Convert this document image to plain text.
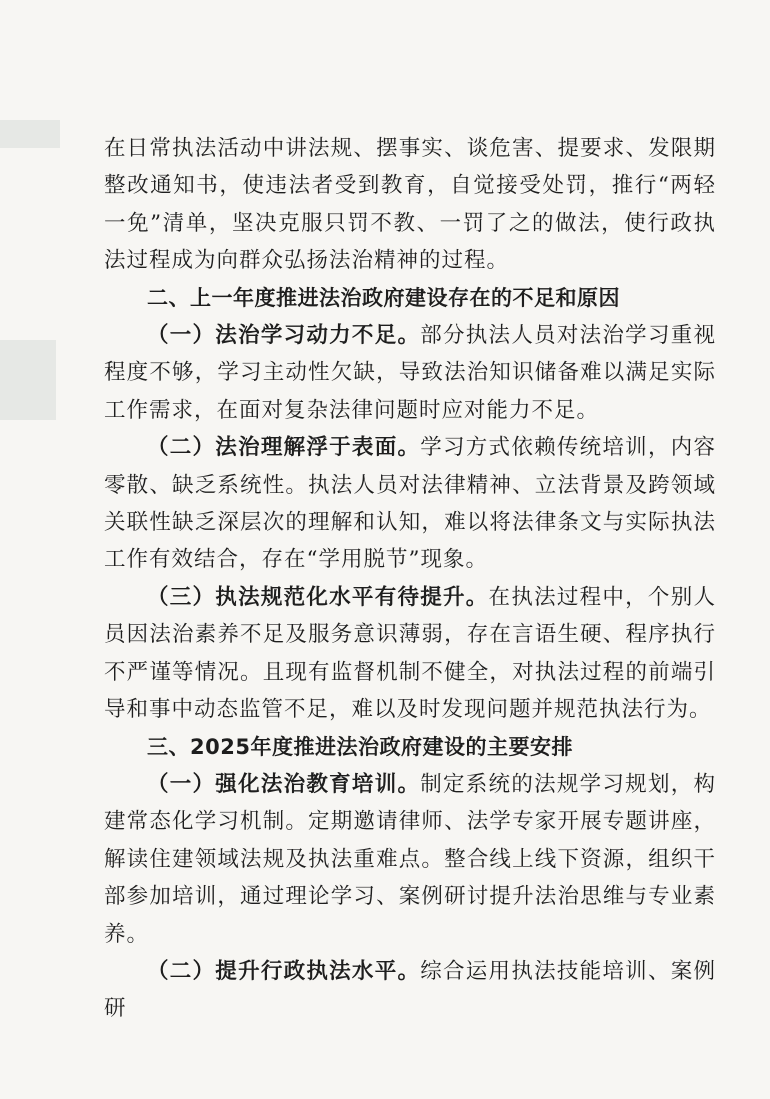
在日常执法活动中讲法规、摆事实、谈危害、提要求、发限期整改通知书，使违法者受到教育，自觉接受处罚，推行“两轻一免”清单，坚决克服只罚不教、一罚了之的做法，使行政执法过程成为向群众弘扬法治精神的过程。

二、上一年度推进法治政府建设存在的不足和原因

（一）法治学习动力不足。部分执法人员对法治学习重视程度不够，学习主动性欠缺，导致法治知识储备难以满足实际工作需求，在面对复杂法律问题时应对能力不足。

（二）法治理解浮于表面。学习方式依赖传统培训，内容零散、缺乏系统性。执法人员对法律精神、立法背景及跨领域关联性缺乏深层次的理解和认知，难以将法律条文与实际执法工作有效结合，存在“学用脱节”现象。

（三）执法规范化水平有待提升。在执法过程中，个别人员因法治素养不足及服务意识薄弱，存在言语生硬、程序执行不严谨等情况。且现有监督机制不健全，对执法过程的前端引导和事中动态监管不足，难以及时发现问题并规范执法行为。

三、2025年度推进法治政府建设的主要安排

（一）强化法治教育培训。制定系统的法规学习规划，构建常态化学习机制。定期邀请律师、法学专家开展专题讲座，解读住建领域法规及执法重难点。整合线上线下资源，组织干部参加培训，通过理论学习、案例研讨提升法治思维与专业素养。

（二）提升行政执法水平。综合运用执法技能培训、案例研
